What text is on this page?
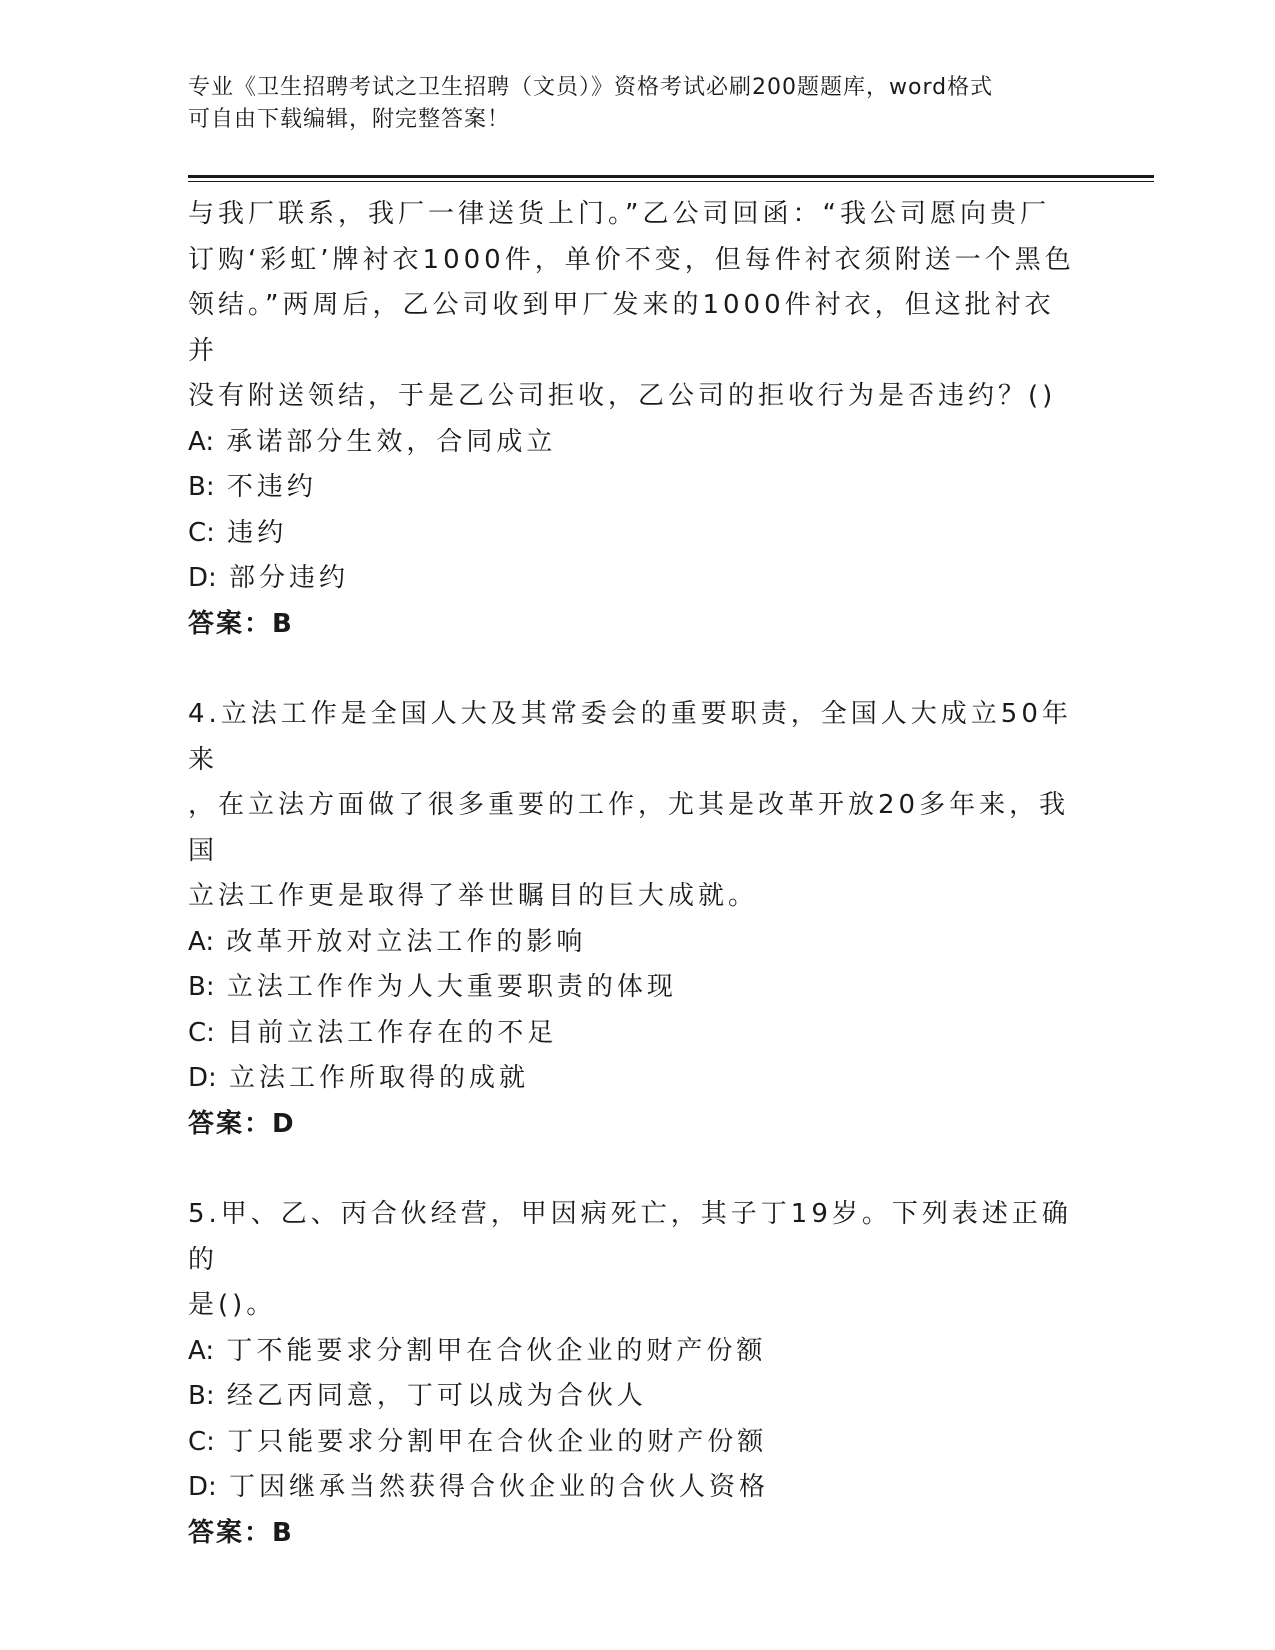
专业《卫生招聘考试之卫生招聘（文员）》资格考试必刷200题题库，word格式
可自由下载编辑，附完整答案！

与我厂联系，我厂一律送货上门。”乙公司回函：“我公司愿向贵厂

订购‘彩虹’牌衬衣1000件，单价不变，但每件衬衣须附送一个黑色

领结。”两周后，乙公司收到甲厂发来的1000件衬衣，但这批衬衣并

没有附送领结，于是乙公司拒收，乙公司的拒收行为是否违约？()

A: 承诺部分生效，合同成立

B: 不违约

C: 违约

D: 部分违约

答案：B

4.立法工作是全国人大及其常委会的重要职责，全国人大成立50年来

，在立法方面做了很多重要的工作，尤其是改革开放20多年来，我国

立法工作更是取得了举世瞩目的巨大成就。

A: 改革开放对立法工作的影响

B: 立法工作作为人大重要职责的体现

C: 目前立法工作存在的不足

D: 立法工作所取得的成就

答案：D

5.甲、乙、丙合伙经营，甲因病死亡，其子丁19岁。下列表述正确的

是()。

A: 丁不能要求分割甲在合伙企业的财产份额

B: 经乙丙同意，丁可以成为合伙人

C: 丁只能要求分割甲在合伙企业的财产份额

D: 丁因继承当然获得合伙企业的合伙人资格

答案：B
